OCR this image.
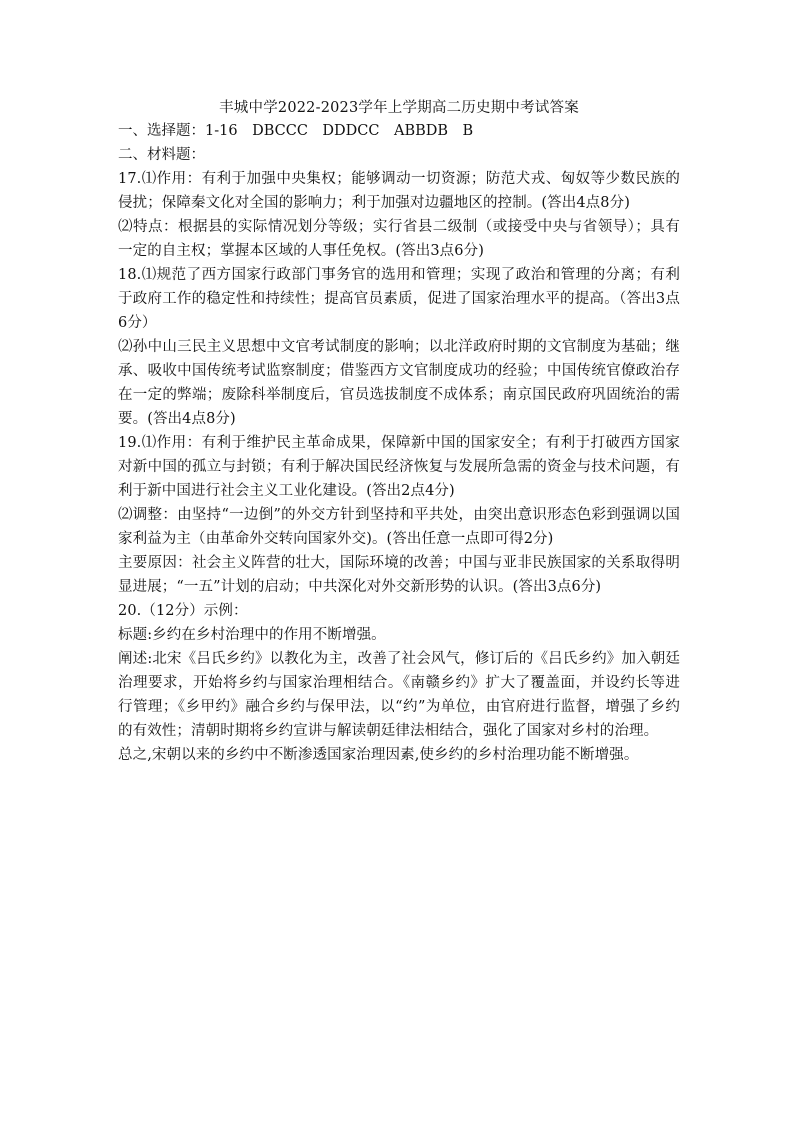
丰城中学2022-2023学年上学期高二历史期中考试答案

一、选择题：1-16　DBCCC　DDDCC　ABBDB　B

二、材料题：

17.⑴作用：有利于加强中央集权；能够调动一切资源；防范犬戎、匈奴等少数民族的侵扰；保障秦文化对全国的影响力；利于加强对边疆地区的控制。(答出4点8分)

⑵特点：根据县的实际情况划分等级；实行省县二级制（或接受中央与省领导）；具有一定的自主权；掌握本区域的人事任免权。(答出3点6分)

18.⑴规范了西方国家行政部门事务官的选用和管理；实现了政治和管理的分离；有利于政府工作的稳定性和持续性；提高官员素质，促进了国家治理水平的提高。（答出3点6分）

⑵孙中山三民主义思想中文官考试制度的影响；以北洋政府时期的文官制度为基础；继承、吸收中国传统考试监察制度；借鉴西方文官制度成功的经验；中国传统官僚政治存在一定的弊端；废除科举制度后，官员选拔制度不成体系；南京国民政府巩固统治的需要。(答出4点8分)

19.⑴作用：有利于维护民主革命成果，保障新中国的国家安全；有利于打破西方国家对新中国的孤立与封锁；有利于解决国民经济恢复与发展所急需的资金与技术问题，有利于新中国进行社会主义工业化建设。(答出2点4分)

⑵调整：由坚持“一边倒”的外交方针到坚持和平共处，由突出意识形态色彩到强调以国家利益为主（由革命外交转向国家外交)。(答出任意一点即可得2分)

主要原因：社会主义阵营的壮大，国际环境的改善；中国与亚非民族国家的关系取得明显进展；“一五”计划的启动；中共深化对外交新形势的认识。(答出3点6分)

20.（12分）示例：

标题:乡约在乡村治理中的作用不断增强。

阐述:北宋《吕氏乡约》以教化为主，改善了社会风气，修订后的《吕氏乡约》加入朝廷治理要求，开始将乡约与国家治理相结合。《南赣乡约》扩大了覆盖面，并设约长等进行管理；《乡甲约》融合乡约与保甲法，以“约”为单位，由官府进行监督，增强了乡约的有效性；清朝时期将乡约宣讲与解读朝廷律法相结合，强化了国家对乡村的治理。

总之,宋朝以来的乡约中不断渗透国家治理因素,使乡约的乡村治理功能不断增强。
